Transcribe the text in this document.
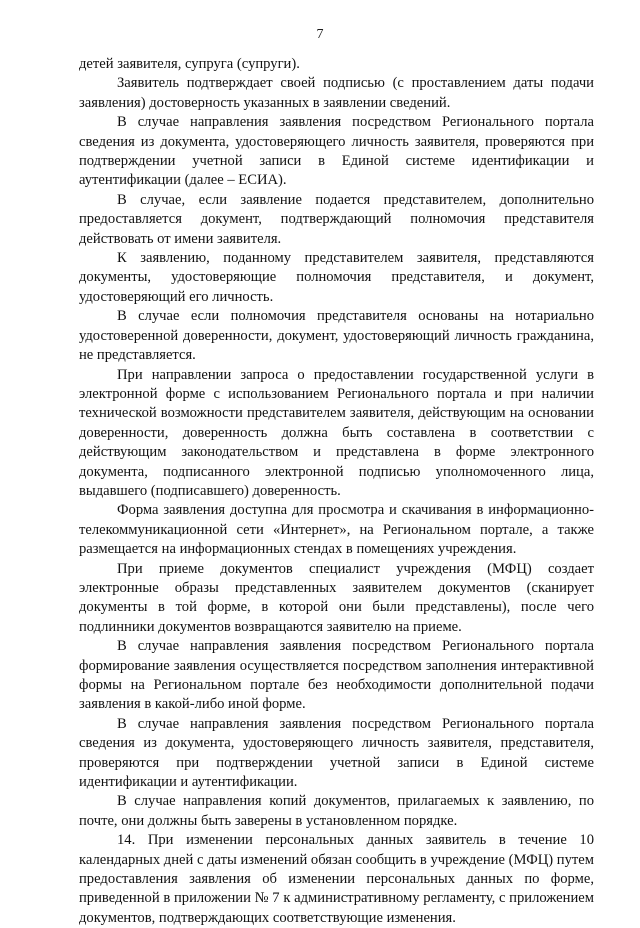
7

детей заявителя, супруга (супруги).

Заявитель подтверждает своей подписью (с проставлением даты подачи заявления) достоверность указанных в заявлении сведений.

В случае направления заявления посредством Регионального портала сведения из документа, удостоверяющего личность заявителя, проверяются при подтверждении учетной записи в Единой системе идентификации и аутентификации (далее – ЕСИА).

В случае, если заявление подается представителем, дополнительно предоставляется документ, подтверждающий полномочия представителя действовать от имени заявителя.

К заявлению, поданному представителем заявителя, представляются документы, удостоверяющие полномочия представителя, и документ, удостоверяющий его личность.

В случае если полномочия представителя основаны на нотариально удостоверенной доверенности, документ, удостоверяющий личность гражданина, не представляется.

При направлении запроса о предоставлении государственной услуги в электронной форме с использованием Регионального портала и при наличии технической возможности представителем заявителя, действующим на основании доверенности, доверенность должна быть составлена в соответствии с действующим законодательством и представлена в форме электронного документа, подписанного электронной подписью уполномоченного лица, выдавшего (подписавшего) доверенность.

Форма заявления доступна для просмотра и скачивания в информационно-телекоммуникационной сети «Интернет», на Региональном портале, а также размещается на информационных стендах в помещениях учреждения.

При приеме документов специалист учреждения (МФЦ) создает электронные образы представленных заявителем документов (сканирует документы в той форме, в которой они были представлены), после чего подлинники документов возвращаются заявителю на приеме.

В случае направления заявления посредством Регионального портала формирование заявления осуществляется посредством заполнения интерактивной формы на Региональном портале без необходимости дополнительной подачи заявления в какой-либо иной форме.

В случае направления заявления посредством Регионального портала сведения из документа, удостоверяющего личность заявителя, представителя, проверяются при подтверждении учетной записи в Единой системе идентификации и аутентификации.

В случае направления копий документов, прилагаемых к заявлению, по почте, они должны быть заверены в установленном порядке.

14. При изменении персональных данных заявитель в течение 10 календарных дней с даты изменений обязан сообщить в учреждение (МФЦ) путем предоставления заявления об изменении персональных данных по форме, приведенной в приложении № 7 к административному регламенту, с приложением документов, подтверждающих соответствующие изменения.
